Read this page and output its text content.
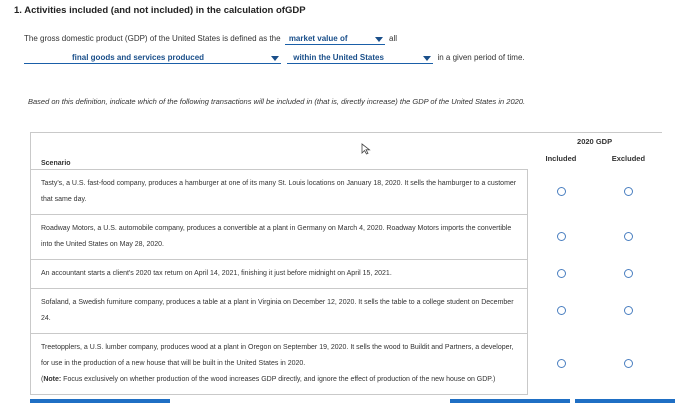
1. Activities included (and not included) in the calculation ofGDP
The gross domestic product (GDP) of the United States is defined as the market value of	all
final goods and services produced	within the United States	in a given period of time.
Based on this definition, indicate which of the following transactions will be included in (that is, directly increase) the GDP of the United States in 2020.
Scenario	2020 GDP	
	Included	Excluded
Tasty's, a U.S. fast-food company, produces a hamburger at one of its many St. Louis locations on January 18, 2020. It sells the hamburger to a customer that same day.		
Roadway Motors, a U.S. automobile company, produces a convertible at a plant in Germany on March 4, 2020. Roadway Motors imports the convertible into the United States on May 28, 2020.		
An accountant starts a client's 2020 tax return on April 14, 2021, finishing it just before midnight on April 15, 2021.		
Sofaland, a Swedish furniture company, produces a table at a plant in Virginia on December 12, 2020. It sells the table to a college student on December 24.		
Treetopplers, a U.S. lumber company, produces wood at a plant in Oregon on September 19, 2020. It sells the wood to Buildit and Partners, a developer, for use in the production of a new house that will be built in the United States in 2020.
(Note: Focus exclusively on whether production of the wood increases GDP directly, and ignore the effect of production of the new house on GDP.)		
